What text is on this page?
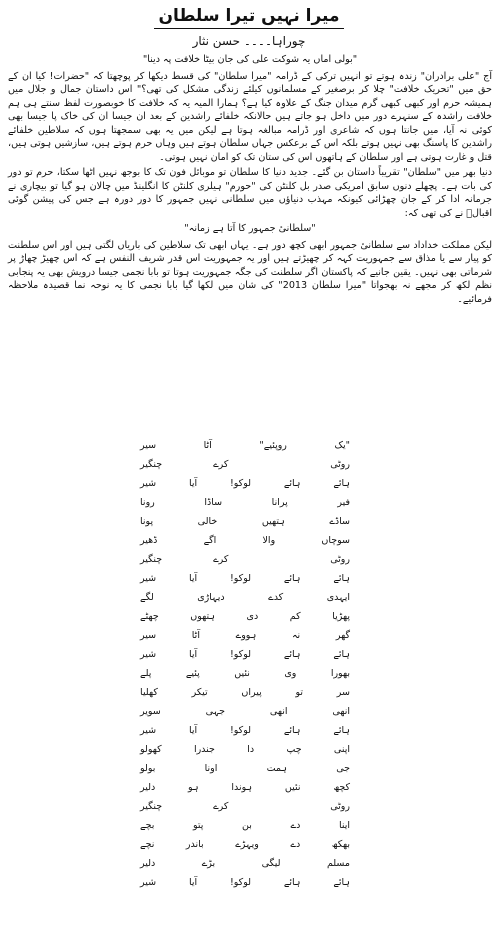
میرا نہیں تیرا سلطان
چوراہا۔۔۔۔ حسن نثار

"بولی اماں یہ شوکت علی کی جان بیٹا خلافت پہ دینا"

آج "علی برادران" زندہ ہوتے تو انہیں ترکی کے ڈرامہ "میرا سلطان" کی قسط دیکھا کر پوچھتا کہ "حضرات! کیا ان کے حق میں "تحریک خلافت" چلا کر برصغیر کے مسلمانوں کیلئے زندگی مشکل کی تھی؟" اس داستان جمال و جلال میں ہمیشہ حرم اور کبھی کبھی گرم میدان جنگ کے علاوہ کیا ہے؟ ہمارا المیہ یہ کہ خلافت کا خوبصورت لفظ سنتے ہی ہم خلافت راشدہ کے سنہرے دور میں داخل ہو جاتے ہیں حالانکہ خلفائے راشدین کے بعد ان جیسا ان کی خاک پا جیسا بھی کوئی نہ آیا، میں جانتا ہوں کہ شاعری اور ڈرامہ مبالغہ ہوتا ہے لیکن میں یہ بھی سمجھتا ہوں کہ سلاطین خلفائے راشدین کا پاسنگ بھی نہیں ہوتے بلکہ اس کے برعکس جہاں سلطان ہوتے ہیں وہاں حرم ہوتے ہیں، سازشیں ہوتی ہیں، قتل و غارت ہوتی ہے اور سلطان کے ہاتھوں اس کی ستان تک کو امان نہیں ہوتی۔

دنیا بھر میں "سلطان" تقریباً داستان بن گئے۔ جدید دنیا کا سلطان تو موبائل فون تک کا بوجھ نہیں اٹھا سکتا، حرم تو دور کی بات ہے۔ پچھلے دنوں سابق امریکی صدر بل کلنٹن کی "حورم" ہیلری کلنٹن کا انگلینڈ میں چالان ہو گیا تو بیچاری نے جرمانہ ادا کر کے جان چھڑائی کیونکہ مہذب دنیاؤں میں سلطانی نہیں جمہور کا دور دورہ ہے جس کی پیشن گوئی اقبالؒ نے کی تھی کہ:

"سلطانیٔ جمہور کا آتا ہے زمانہ"

لیکن مملکت خداداد سے سلطانیٔ جمہور ابھی کچھ دور ہے۔ یہاں ابھی تک سلاطین کی باریاں لگتی ہیں اور اس سلطنت کو پیار سے یا مذاق سے جمہوریت کہہ کر چھیڑتے ہیں اور یہ جمہوریت اس قدر شریف النفس ہے کہ اس چھیڑ چھاڑ پر شرماتی بھی نہیں۔ یقین جانیے کہ پاکستان اگر سلطنت کی جگہ جمہوریت ہوتا تو بابا نجمی جیسا درویش بھی یہ پنجابی نظم لکھ کر مجھے نہ بھجواتا "میرا سلطان 2013" کی شان میں لکھا گیا بابا نجمی کا یہ نوحہ نما قصیدہ ملاحظہ فرمائیے۔

"یک
روپئیے"
آٹا
سیر
روٹی
کرے
چنگیر
ہائے
ہائے
لوکو!
آیا
شیر
فیر
پرانا
ساڈا
رونا
ساڈے
ہتھیں
خالی
پونا
سوچاں
والا
اگے
ڈھیر
روٹی
کرے
چنگیر
ہائے
ہائے
لوکو!
آیا
شیر
ایہدی
کدے
دیہاڑی
لگے
پھڑیا
کم
دی
ہتھوں
چھٹے
گھر
نہ
ہووے
آٹا
سیر
ہائے
ہائے
لوکو!
آیا
شیر
بھورا
وی
نئیں
پئیے
پلے
سر
تو
پیراں
تیکر
کھلیا
انھی
انھی
جہی
سویر
ہائے
ہائے
لوکو!
آیا
شیر
اپنی
چپ
دا
جندرا
کھولو
جی
ہمت
اونا
بولو
کچھ
نئیں
ہوندا
ہو
دلیر
روٹی
کرے
چنگیر
اینا
دے
بن
پتو
بچے
بھکھ
دے
ویہڑے
باندر
نچے
مسلم
لیگی
بڑے
دلیر
ہائے
ہائے
لوکو!
آیا
شیر
